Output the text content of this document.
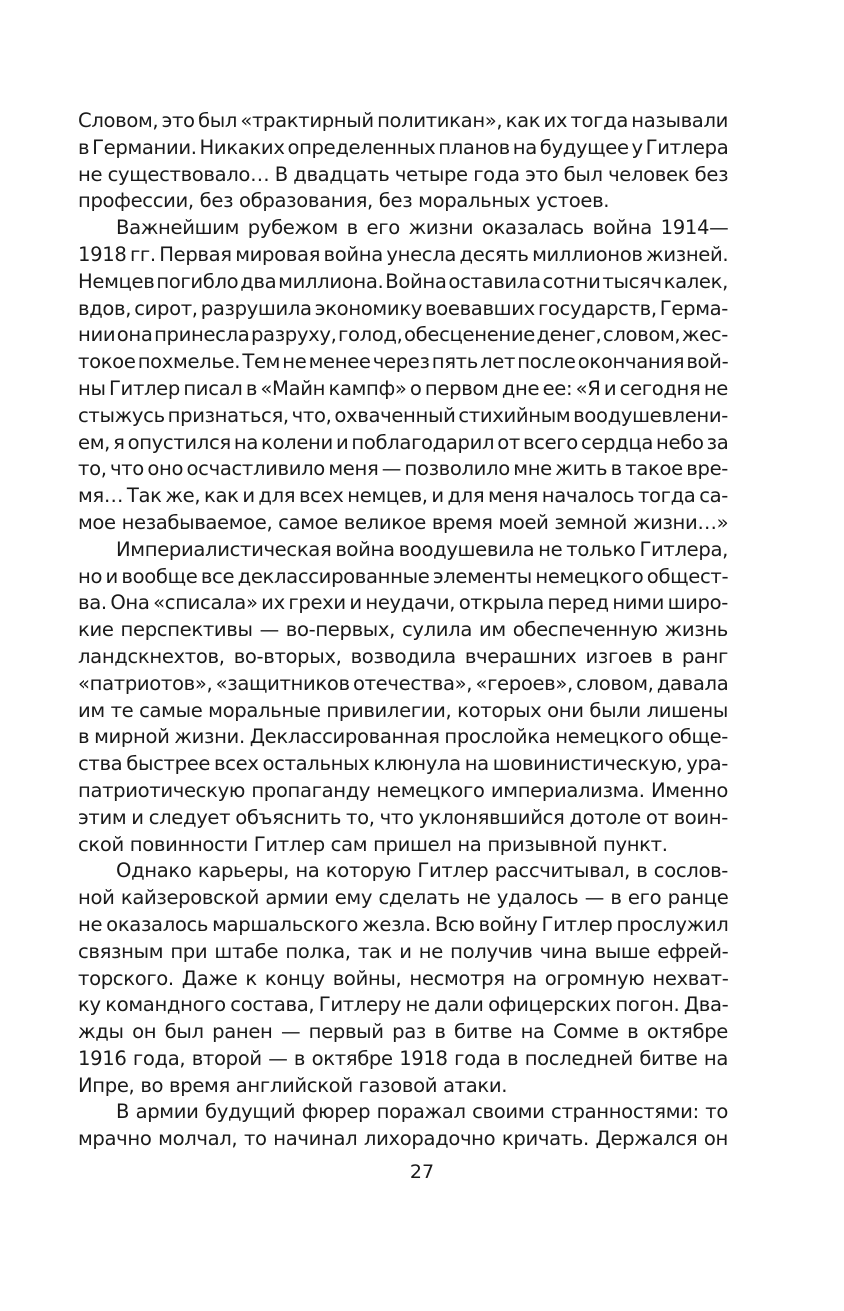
Словом, это был «трактирный политикан», как их тогда называли
в Германии. Никаких определенных планов на будущее у Гитлера
не существовало… В двадцать четыре года это был человек без
профессии, без образования, без моральных устоев.

Важнейшим рубежом в его жизни оказалась война 1914—
1918 гг. Первая мировая война унесла десять миллионов жизней.
Немцев погибло два миллиона. Война оставила сотни тысяч калек,
вдов, сирот, разрушила экономику воевавших государств, Герма-
нии она принесла разруху, голод, обесценение денег, словом, жес-
токое похмелье. Тем не менее через пять лет после окончания вой-
ны Гитлер писал в «Майн кампф» о первом дне ее: «Я и сегодня не
стыжусь признаться, что, охваченный стихийным воодушевлени-
ем, я опустился на колени и поблагодарил от всего сердца небо за
то, что оно осчастливило меня — позволило мне жить в такое вре-
мя… Так же, как и для всех немцев, и для меня началось тогда са-
мое незабываемое, самое великое время моей земной жизни…»

Империалистическая война воодушевила не только Гитлера,
но и вообще все деклассированные элементы немецкого общест-
ва. Она «списала» их грехи и неудачи, открыла перед ними широ-
кие перспективы — во-первых, сулила им обеспеченную жизнь
ландскнехтов, во-вторых, возводила вчерашних изгоев в ранг
«патриотов», «защитников отечества», «героев», словом, давала
им те самые моральные привилегии, которых они были лишены
в мирной жизни. Деклассированная прослойка немецкого общe-
ства быстрее всех остальных клюнула на шовинистическую, ура-
патриотическую пропаганду немецкого империализма. Именно
этим и следует объяснить то, что уклонявшийся дотоле от воин-
ской повинности Гитлер сам пришел на призывной пункт.

Однако карьеры, на которую Гитлер рассчитывал, в сослов-
ной кайзеровской армии ему сделать не удалось — в его ранце
не оказалось маршальского жезла. Всю войну Гитлер прослужил
связным при штабе полка, так и не получив чина выше ефрей-
торского. Даже к концу войны, несмотря на огромную нехват-
ку командного состава, Гитлеру не дали офицерских погон. Два-
жды он был ранен — первый раз в битве на Сомме в октябре
1916 года, второй — в октябре 1918 года в последней битве на
Ипре, во время английской газовой атаки.

В армии будущий фюрер поражал своими странностями: то
мрачно молчал, то начинал лихорадочно кричать. Держался он

27
